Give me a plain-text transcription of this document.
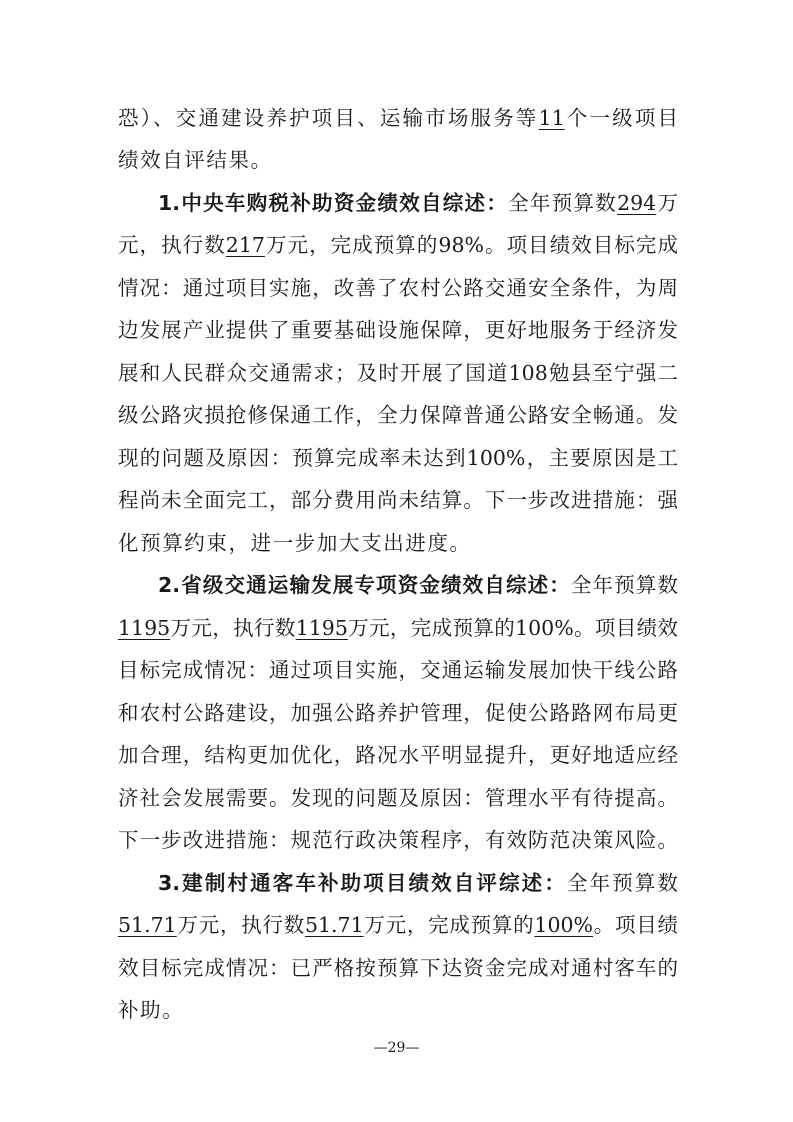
恐）、交通建设养护项目、运输市场服务等11个一级项目
绩效自评结果。
1.中央车购税补助资金绩效自综述：全年预算数294万
元，执行数217万元，完成预算的98%。项目绩效目标完成
情况：通过项目实施，改善了农村公路交通安全条件，为周
边发展产业提供了重要基础设施保障，更好地服务于经济发
展和人民群众交通需求；及时开展了国道108勉县至宁强二
级公路灾损抢修保通工作，全力保障普通公路安全畅通。发
现的问题及原因：预算完成率未达到100%，主要原因是工
程尚未全面完工，部分费用尚未结算。下一步改进措施：强
化预算约束，进一步加大支出进度。
2.省级交通运输发展专项资金绩效自综述：全年预算数
1195万元，执行数1195万元，完成预算的100%。项目绩效
目标完成情况：通过项目实施，交通运输发展加快干线公路
和农村公路建设，加强公路养护管理，促使公路路网布局更
加合理，结构更加优化，路况水平明显提升，更好地适应经
济社会发展需要。发现的问题及原因：管理水平有待提高。
下一步改进措施：规范行政决策程序，有效防范决策风险。
3.建制村通客车补助项目绩效自评综述：全年预算数
51.71万元，执行数51.71万元，完成预算的100%。项目绩
效目标完成情况：已严格按预算下达资金完成对通村客车的
补助。
—29—
